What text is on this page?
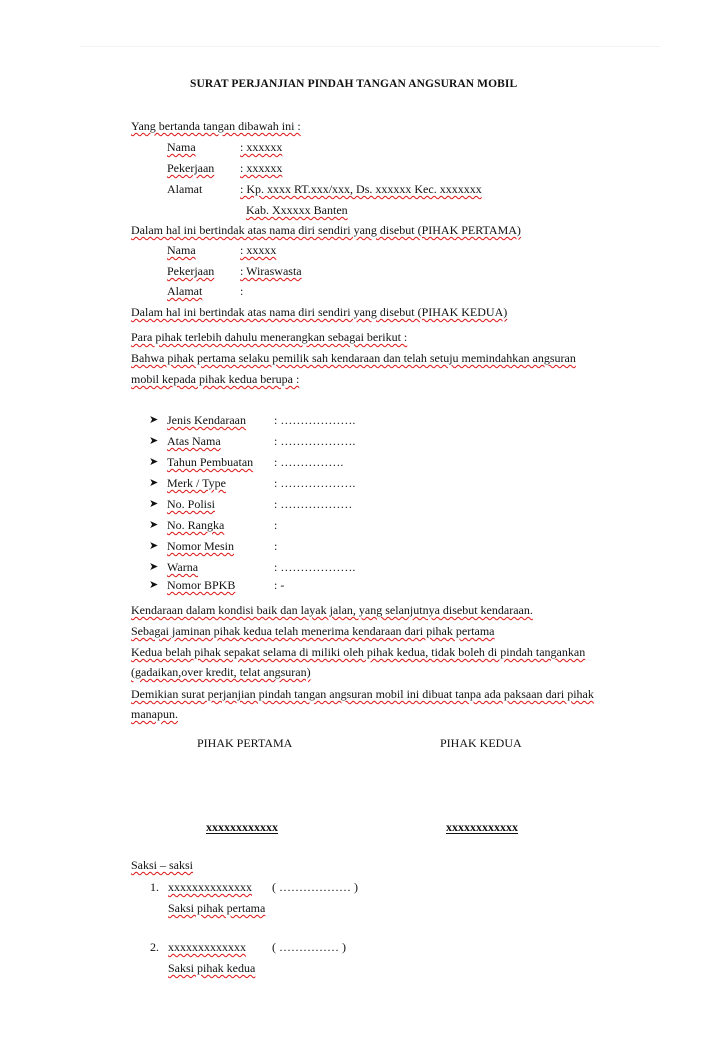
SURAT PERJANJIAN PINDAH TANGAN ANGSURAN MOBIL
Yang bertanda tangan dibawah ini :
Nama	: xxxxxx
Pekerjaan : xxxxxx
Alamat	: Kp. xxxx RT.xxx/xxx, Ds. xxxxxx Kec. xxxxxxx
Kab. Xxxxxx Banten
Dalam hal ini bertindak atas nama diri sendiri yang disebut (PIHAK PERTAMA)
Nama	: xxxxx
Pekerjaan : Wiraswasta
Alamat	:
Dalam hal ini bertindak atas nama diri sendiri yang disebut (PIHAK KEDUA)
Para pihak terlebih dahulu menerangkan sebagai berikut :
Bahwa pihak pertama selaku pemilik sah kendaraan dan telah setuju memindahkan angsuran
mobil kepada pihak kedua berupa :
➤ Jenis Kendaraan : ……………….
➤ Atas Nama	: ……………….
➤ Tahun Pembuatan : …………….
➤ Merk / Type	: ……………….
➤ No. Polisi	: ………………
➤ No. Rangka	:
➤ Nomor Mesin	:
➤ Warna	: ……………….
➤ Nomor BPKB	: -
Kendaraan dalam kondisi baik dan layak jalan, yang selanjutnya disebut kendaraan.
Sebagai jaminan pihak kedua telah menerima kendaraan dari pihak pertama
Kedua belah pihak sepakat selama di miliki oleh pihak kedua, tidak boleh di pindah tangankan
(gadaikan,over kredit, telat angsuran)
Demikian surat perjanjian pindah tangan angsuran mobil ini dibuat tanpa ada paksaan dari pihak
manapun.
PIHAK PERTAMA	PIHAK KEDUA
xxxxxxxxxxxx	xxxxxxxxxxxx
Saksi – saksi
1. xxxxxxxxxxxxxx ( ……………… )
Saksi pihak pertama
2. xxxxxxxxxxxxx ( …………… )
Saksi pihak kedua
